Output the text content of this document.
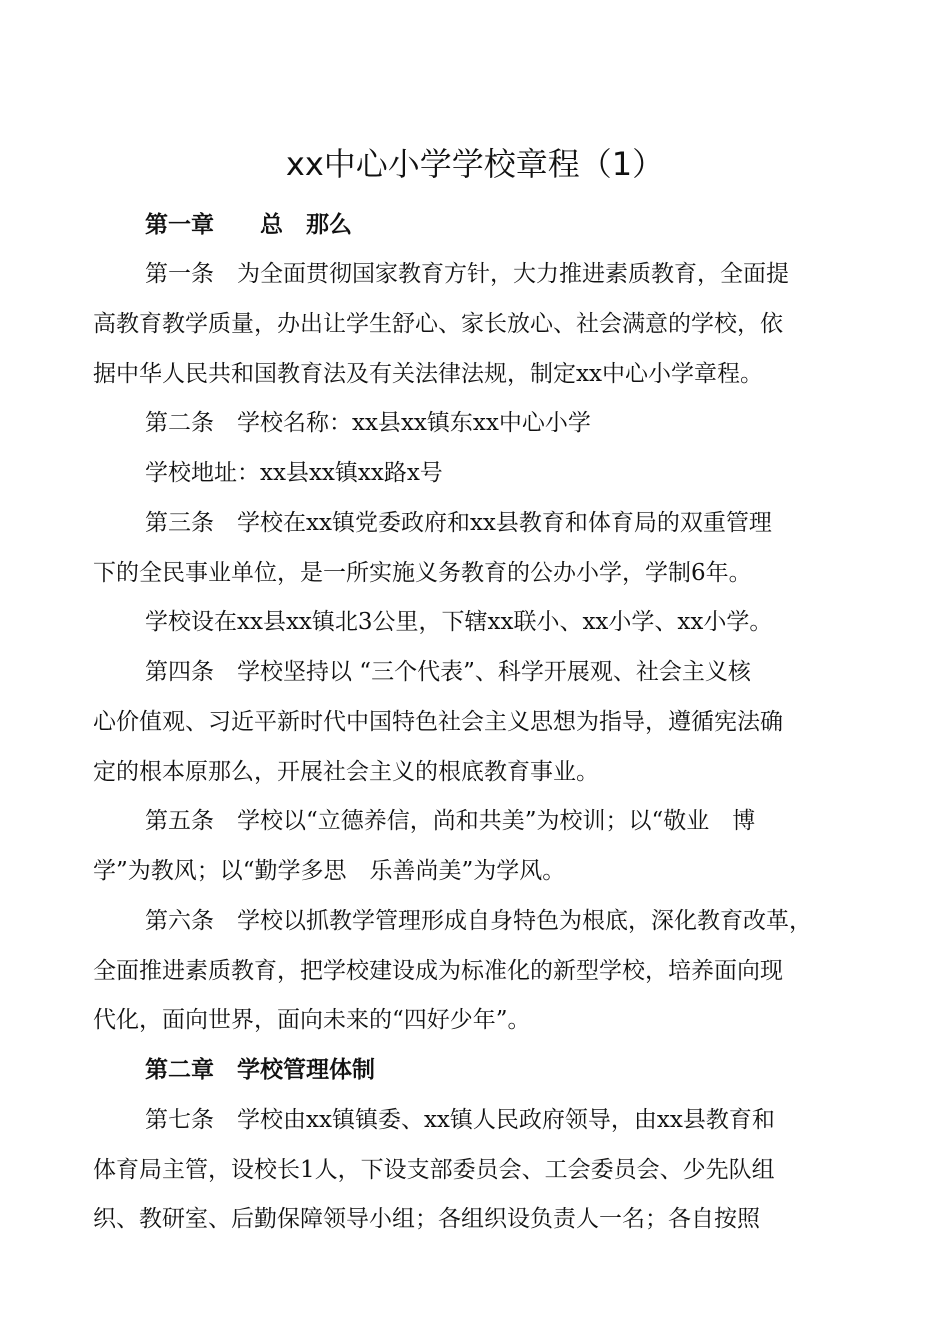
xx中心小学学校章程（1）
第一章　　总　那么
第一条　为全面贯彻国家教育方针，大力推进素质教育，全面提
高教育教学质量，办出让学生舒心、家长放心、社会满意的学校，依
据中华人民共和国教育法及有关法律法规，制定xx中心小学章程。
第二条　学校名称：xx县xx镇东xx中心小学
学校地址：xx县xx镇xx路x号
第三条　学校在xx镇党委政府和xx县教育和体育局的双重管理
下的全民事业单位，是一所实施义务教育的公办小学，学制6年。
学校设在xx县xx镇北3公里，下辖xx联小、xx小学、xx小学。
第四条　学校坚持以 “三个代表”、科学开展观、社会主义核
心价值观、习近平新时代中国特色社会主义思想为指导，遵循宪法确
定的根本原那么，开展社会主义的根底教育事业。
第五条　学校以“立德养信，尚和共美”为校训；以“敬业　博
学”为教风；以“勤学多思　乐善尚美”为学风。
第六条　学校以抓教学管理形成自身特色为根底，深化教育改革，
全面推进素质教育，把学校建设成为标准化的新型学校，培养面向现
代化，面向世界，面向未来的“四好少年”。
第二章　学校管理体制
第七条　学校由xx镇镇委、xx镇人民政府领导，由xx县教育和
体育局主管，设校长1人，下设支部委员会、工会委员会、少先队组
织、教研室、后勤保障领导小组；各组织设负责人一名；各自按照
